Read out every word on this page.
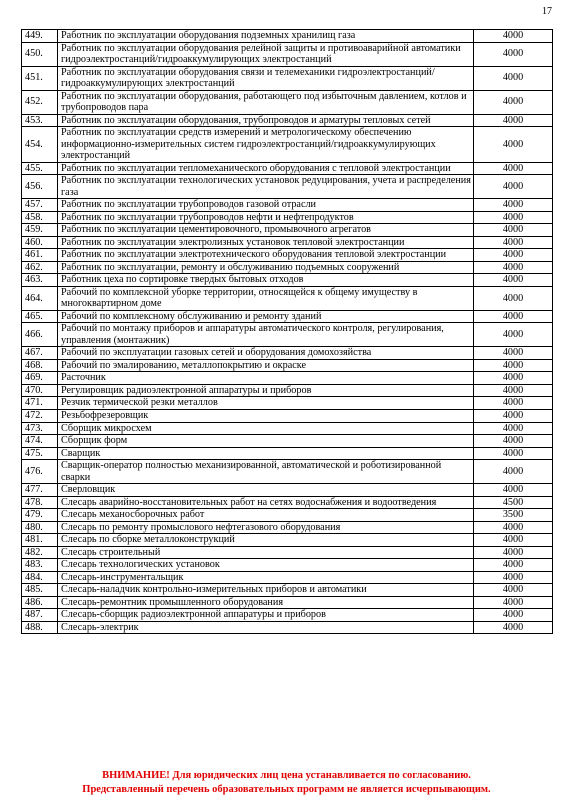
17
449.	Работник по эксплуатации оборудования подземных хранилищ газа	4000
450.	Работник по эксплуатации оборудования релейной защиты и противоаварийной автоматики гидроэлектростанций/гидроаккумулирующих электростанций	4000
451.	Работник по эксплуатации оборудования связи и телемеханики гидроэлектростанций/ гидроаккумулирующих электростанций	4000
452.	Работник по эксплуатации оборудования, работающего под избыточным давлением, котлов и трубопроводов пара	4000
453.	Работник по эксплуатации оборудования, трубопроводов и арматуры тепловых сетей	4000
454.	Работник по эксплуатации средств измерений и метрологическому обеспечению информационно-измерительных систем гидроэлектростанций/гидроаккумулирующих электростанций	4000
455.	Работник по эксплуатации тепломеханического оборудования с тепловой электростанции	4000
456.	Работник по эксплуатации технологических установок редуцирования, учета и распределения газа	4000
457.	Работник по эксплуатации трубопроводов газовой отрасли	4000
458.	Работник по эксплуатации трубопроводов нефти и нефтепродуктов	4000
459.	Работник по эксплуатации цементировочного, промывочного агрегатов	4000
460.	Работник по эксплуатации электролизных установок тепловой электростанции	4000
461.	Работник по эксплуатации электротехнического оборудования тепловой электростанции	4000
462.	Работник по эксплуатации, ремонту и обслуживанию подъемных сооружений	4000
463.	Работник цеха по сортировке твердых бытовых отходов	4000
464.	Рабочий по комплексной уборке территории, относящейся к общему имуществу в многоквартирном доме	4000
465.	Рабочий по комплексному обслуживанию и ремонту зданий	4000
466.	Рабочий по монтажу приборов и аппаратуры автоматического контроля, регулирования, управления (монтажник)	4000
467.	Рабочий по эксплуатации газовых сетей и оборудования домохозяйства	4000
468.	Рабочий по эмалированию, металлопокрытию и окраске	4000
469.	Расточник	4000
470.	Регулировщик радиоэлектронной аппаратуры и приборов	4000
471.	Резчик термической резки металлов	4000
472.	Резьбофрезеровщик	4000
473.	Сборщик микросхем	4000
474.	Сборщик форм	4000
475.	Сварщик	4000
476.	Сварщик-оператор полностью механизированной, автоматической и роботизированной сварки	4000
477.	Сверловщик	4000
478.	Слесарь аварийно-восстановительных работ на сетях водоснабжения и водоотведения	4500
479.	Слесарь механосборочных работ	3500
480.	Слесарь по ремонту промыслового нефтегазового оборудования	4000
481.	Слесарь по сборке металлоконструкций	4000
482.	Слесарь строительный	4000
483.	Слесарь технологических установок	4000
484.	Слесарь-инструментальщик	4000
485.	Слесарь-наладчик контрольно-измерительных приборов и автоматики	4000
486.	Слесарь-ремонтник промышленного оборудования	4000
487.	Слесарь-сборщик радиоэлектронной аппаратуры и приборов	4000
488.	Слесарь-электрик	4000
ВНИМАНИЕ! Для юридических лиц цена устанавливается по согласованию.
Представленный перечень образовательных программ не является исчерпывающим.
